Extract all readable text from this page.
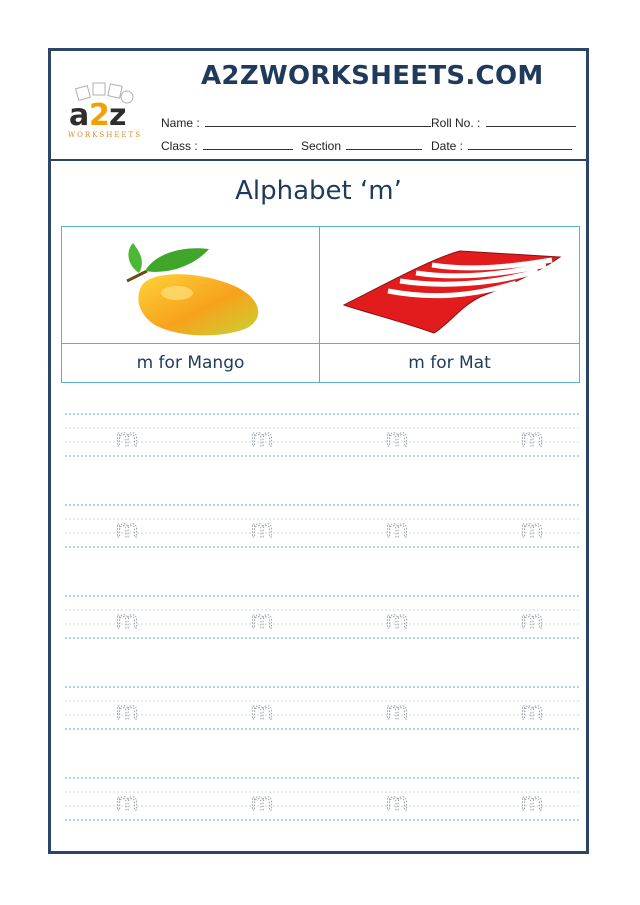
a 2 z
WORKSHEETS
A2ZWORKSHEETS.COM
Name :	Roll No. :
Class :	Section	Date :
Alphabet ‘m’
m for Mango	m for Mat
m	m	m	m
m	m	m	m
m	m	m	m
m	m	m	m
m	m	m	m
